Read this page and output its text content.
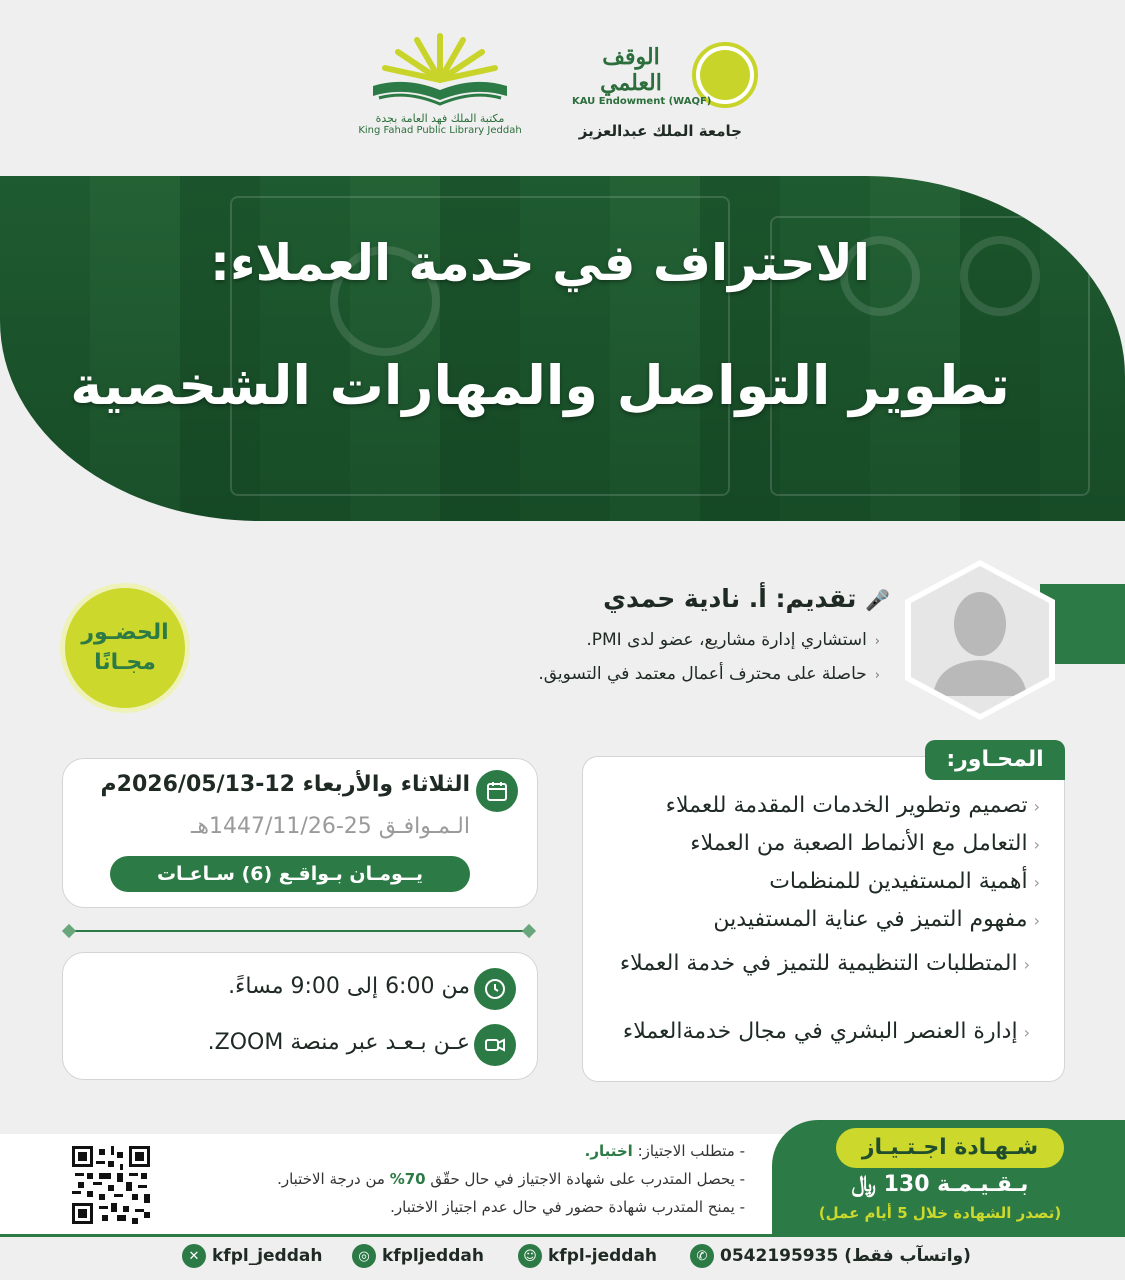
مكتبة الملك فهد العامة بجدة
King Fahad Public Library Jeddah
الوقف العلمي
KAU Endowment (WAQF)
جامعة الملك عبدالعزيز
الاحتراف في خدمة العملاء:
تطوير التواصل والمهارات الشخصية
🎤 تقديم: أ. نادية حمدي
‹استشاري إدارة مشاريع، عضو لدى PMI.
‹حاصلة على محترف أعمال معتمد في التسويق.
الحضـور
مجـانًا
المحـاور:
‹تصميم وتطوير الخدمات المقدمة للعملاء
‹التعامل مع الأنماط الصعبة من العملاء
‹أهمية المستفيدين للمنظمات
‹مفهوم التميز في عناية المستفيدين
‹المتطلبات التنظيمية للتميز في خدمة العملاء
‹إدارة العنصر البشري في مجال خدمةالعملاء
الثلاثاء والأربعاء 12-2026/05/13م
الـمـوافـق 25-1447/11/26هـ
يــومـان بـواقـع (6) سـاعـات
من 6:00 إلى 9:00 مساءً.
عـن بـعـد عبر منصة ZOOM.
شـهـادة اجـتـيـاز
بـقـيـمـة 130 ﷼
(تصدر الشهادة خلال 5 أيام عمل)
- متطلب الاجتياز: اختبار.
- يحصل المتدرب على شهادة الاجتياز في حال حقّق 70% من درجة الاختبار.
- يمنح المتدرب شهادة حضور في حال عدم اجتياز الاختبار.
✆ 0542195935 (واتسآب فقط)
☺ kfpl-jeddah
◎ kfpljeddah
✕ kfpl_jeddah
